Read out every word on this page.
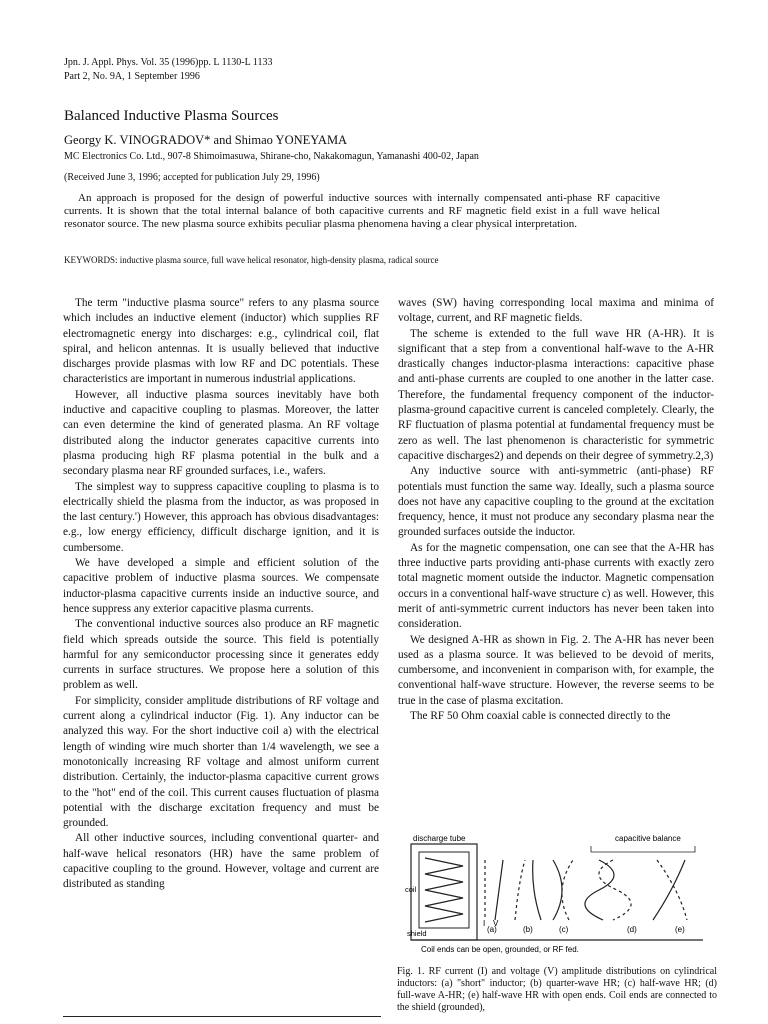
Jpn. J. Appl. Phys. Vol. 35 (1996)pp. L 1130-L 1133
Part 2, No. 9A, 1 September 1996
Balanced Inductive Plasma Sources
Georgy K. VINOGRADOV* and Shimao YONEYAMA
MC Electronics Co. Ltd., 907-8 Shimoimasuwa, Shirane-cho, Nakakomagun, Yamanashi 400-02, Japan
(Received June 3, 1996; accepted for publication July 29, 1996)
An approach is proposed for the design of powerful inductive sources with internally compensated anti-phase RF capacitive currents. It is shown that the total internal balance of both capacitive currents and RF magnetic field exist in a full wave helical resonator source. The new plasma source exhibits peculiar plasma phenomena having a clear physical interpretation.
KEYWORDS: inductive plasma source, full wave helical resonator, high-density plasma, radical source

The term "inductive plasma source" refers to any plasma source which includes an inductive element (inductor) which supplies RF electromagnetic energy into discharges: e.g., cylindrical coil, flat spiral, and helicon antennas. It is usually believed that inductive discharges provide plasmas with low RF and DC potentials. These characteristics are important in numerous industrial applications.

However, all inductive plasma sources inevitably have both inductive and capacitive coupling to plasmas. Moreover, the latter can even determine the kind of generated plasma. An RF voltage distributed along the inductor generates capacitive currents into plasma producing high RF plasma potential in the bulk and a secondary plasma near RF grounded surfaces, i.e., wafers.

The simplest way to suppress capacitive coupling to plasma is to electrically shield the plasma from the inductor, as was proposed in the last century.') However, this approach has obvious disadvantages: e.g., low energy efficiency, difficult discharge ignition, and it is cumbersome.

We have developed a simple and efficient solution of the capacitive problem of inductive plasma sources. We compensate inductor-plasma capacitive currents inside an inductive source, and hence suppress any exterior capacitive plasma currents.

The conventional inductive sources also produce an RF magnetic field which spreads outside the source. This field is potentially harmful for any semiconductor processing since it generates eddy currents in surface structures. We propose here a solution of this problem as well.

For simplicity, consider amplitude distributions of RF voltage and current along a cylindrical inductor (Fig. 1). Any inductor can be analyzed this way. For the short inductive coil a) with the electrical length of winding wire much shorter than 1/4 wavelength, we see a monotonically increasing RF voltage and almost uniform current distribution. Certainly, the inductor-plasma capacitive current grows to the "hot" end of the coil. This current causes fluctuation of plasma potential with the discharge excitation frequency and must be grounded.

All other inductive sources, including conventional quarter- and half-wave helical resonators (HR) have the same problem of capacitive coupling to the ground. However, voltage and current are distributed as standing

waves (SW) having corresponding local maxima and minima of voltage, current, and RF magnetic fields.

The scheme is extended to the full wave HR (A-HR). It is significant that a step from a conventional half-wave to the A-HR drastically changes inductor-plasma interactions: capacitive phase and anti-phase currents are coupled to one another in the latter case. Therefore, the fundamental frequency component of the inductor-plasma-ground capacitive current is canceled completely. Clearly, the RF fluctuation of plasma potential at fundamental frequency must be zero as well. The last phenomenon is characteristic for symmetric capacitive discharges2) and depends on their degree of symmetry.2,3)

Any inductive source with anti-symmetric (anti-phase) RF potentials must function the same way. Ideally, such a plasma source does not have any capacitive coupling to the ground at the excitation frequency, hence, it must not produce any secondary plasma near the grounded surfaces outside the inductor.

As for the magnetic compensation, one can see that the A-HR has three inductive parts providing anti-phase currents with exactly zero total magnetic moment outside the inductor. Magnetic compensation occurs in a conventional half-wave structure c) as well. However, this merit of anti-symmetric current inductors has never been taken into consideration.

We designed A-HR as shown in Fig. 2. The A-HR has never been used as a plasma source. It was believed to be devoid of merits, cumbersome, and inconvenient in comparison with, for example, the conventional half-wave structure. However, the reverse seems to be true in the case of plasma excitation.

The RF 50 Ohm coaxial cable is connected directly to the

discharge tube	capacitive balance
coil
shield
Coil ends can be open, grounded, or RF fed.
(a)	(b)	(c)	(d)	(e)
I V
Fig. 1. RF current (I) and voltage (V) amplitude distributions on cylindrical inductors: (a) "short" inductor; (b) quarter-wave HR; (c) half-wave HR; (d) full-wave A-HR; (e) half-wave HR with open ends. Coil ends are connected to the shield (grounded),
